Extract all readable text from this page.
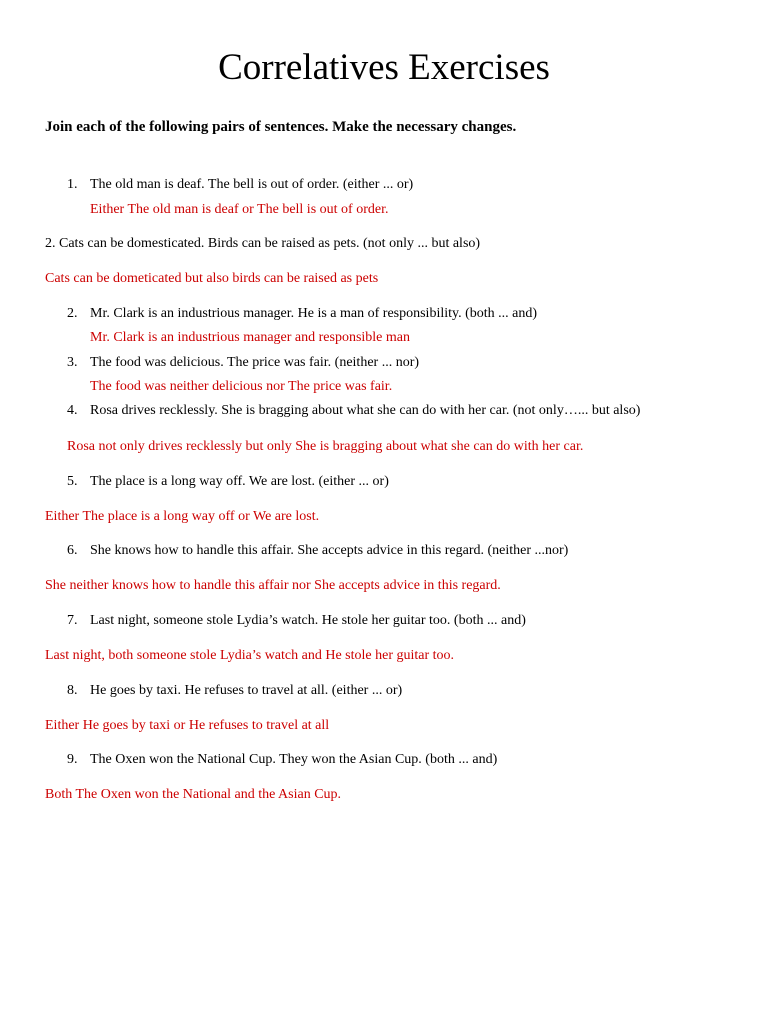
Correlatives Exercises

Join each of the following pairs of sentences. Make the necessary changes.

1. The old man is deaf. The bell is out of order. (either ... or)
Either The old man is deaf or The bell is out of order.
2. Cats can be domesticated. Birds can be raised as pets. (not only ... but also)
Cats can be dometicated but also birds can be raised as pets
2. Mr. Clark is an industrious manager. He is a man of responsibility. (both ... and)
Mr. Clark is an industrious manager and responsible man
3. The food was delicious. The price was fair. (neither ... nor)
The food was neither delicious nor The price was fair.
4. Rosa drives recklessly. She is bragging about what she can do with her car. (not only…... but also)
Rosa not only drives recklessly but only She is bragging about what she can do with her car.
5. The place is a long way off. We are lost. (either ... or)
Either The place is a long way off or We are lost.
6. She knows how to handle this affair. She accepts advice in this regard. (neither ...nor)
She neither knows how to handle this affair nor She accepts advice in this regard.
7. Last night, someone stole Lydia’s watch. He stole her guitar too. (both ... and)
Last night, both someone stole Lydia’s watch and He stole her guitar too.
8. He goes by taxi. He refuses to travel at all. (either ... or)
Either He goes by taxi or He refuses to travel at all
9. The Oxen won the National Cup. They won the Asian Cup. (both ... and)
Both The Oxen won the National and the Asian Cup.
